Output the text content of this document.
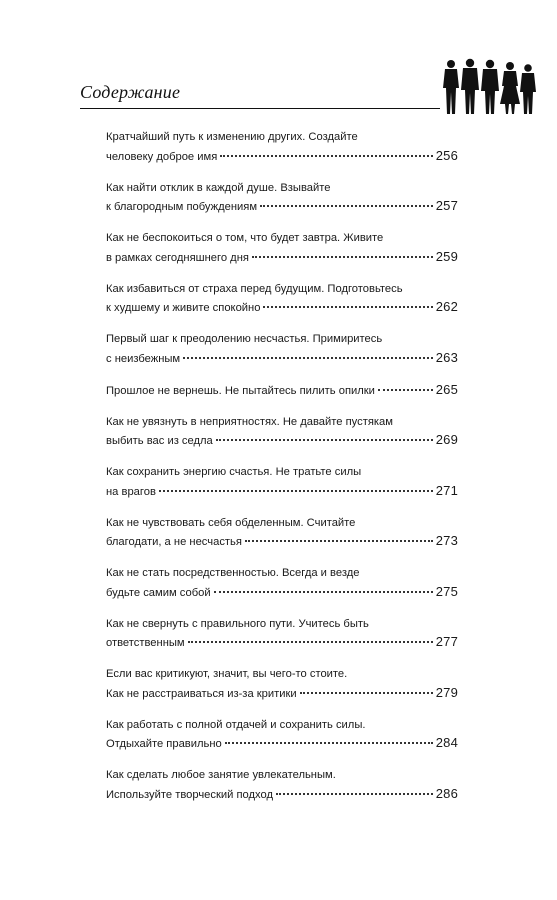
Содержание
Кратчайший путь к изменению других. Создайте
человеку доброе имя	256
Как найти отклик в каждой душе. Взывайте
к благородным побуждениям	257
Как не беспокоиться о том, что будет завтра. Живите
в рамках сегодняшнего дня	259
Как избавиться от страха перед будущим. Подготовьтесь
к худшему и живите спокойно	262
Первый шаг к преодолению несчастья. Примиритесь
с неизбежным	263
Прошлое не вернешь. Не пытайтесь пилить опилки	265
Как не увязнуть в неприятностях. Не давайте пустякам
выбить вас из седла	269
Как сохранить энергию счастья. Не тратьте силы
на врагов	271
Как не чувствовать себя обделенным. Считайте
благодати, а не несчастья	273
Как не стать посредственностью. Всегда и везде
будьте самим собой	275
Как не свернуть с правильного пути. Учитесь быть
ответственным	277
Если вас критикуют, значит, вы чего-то стоите.
Как не расстраиваться из-за критики	279
Как работать с полной отдачей и сохранить силы.
Отдыхайте правильно	284
Как сделать любое занятие увлекательным.
Используйте творческий подход	286
